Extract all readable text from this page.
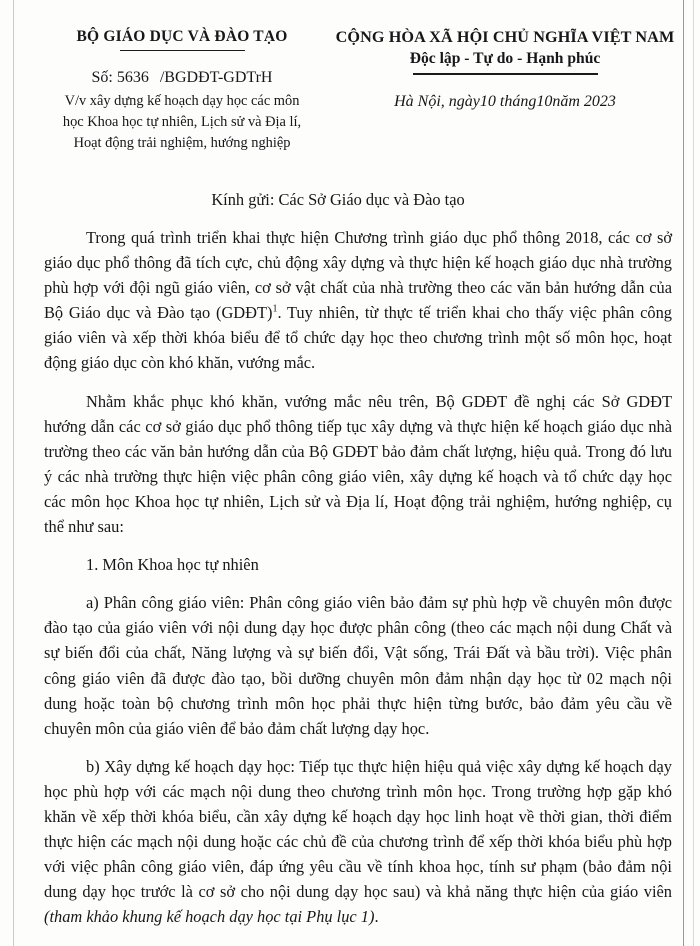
BỘ GIÁO DỤC VÀ ĐÀO TẠO
Số: 5636 /BGDĐT-GDTrH
V/v xây dựng kế hoạch dạy học các môn
học Khoa học tự nhiên, Lịch sử và Địa lí,
Hoạt động trải nghiệm, hướng nghiệp
CỘNG HÒA XÃ HỘI CHỦ NGHĨA VIỆT NAM
Độc lập - Tự do - Hạnh phúc
Hà Nội, ngày10 tháng10năm 2023
Kính gửi: Các Sở Giáo dục và Đào tạo

Trong quá trình triển khai thực hiện Chương trình giáo dục phổ thông 2018, các cơ sở giáo dục phổ thông đã tích cực, chủ động xây dựng và thực hiện kế hoạch giáo dục nhà trường phù hợp với đội ngũ giáo viên, cơ sở vật chất của nhà trường theo các văn bản hướng dẫn của Bộ Giáo dục và Đào tạo (GDĐT)$^1$. Tuy nhiên, từ thực tế triển khai cho thấy việc phân công giáo viên và xếp thời khóa biểu để tổ chức dạy học theo chương trình một số môn học, hoạt động giáo dục còn khó khăn, vướng mắc.

Nhằm khắc phục khó khăn, vướng mắc nêu trên, Bộ GDĐT đề nghị các Sở GDĐT hướng dẫn các cơ sở giáo dục phổ thông tiếp tục xây dựng và thực hiện kế hoạch giáo dục nhà trường theo các văn bản hướng dẫn của Bộ GDĐT bảo đảm chất lượng, hiệu quả. Trong đó lưu ý các nhà trường thực hiện việc phân công giáo viên, xây dựng kế hoạch và tổ chức dạy học các môn học Khoa học tự nhiên, Lịch sử và Địa lí, Hoạt động trải nghiệm, hướng nghiệp, cụ thể như sau:

1. Môn Khoa học tự nhiên

a) Phân công giáo viên: Phân công giáo viên bảo đảm sự phù hợp về chuyên môn được đào tạo của giáo viên với nội dung dạy học được phân công (theo các mạch nội dung Chất và sự biến đổi của chất, Năng lượng và sự biến đổi, Vật sống, Trái Đất và bầu trời). Việc phân công giáo viên đã được đào tạo, bồi dưỡng chuyên môn đảm nhận dạy học từ 02 mạch nội dung hoặc toàn bộ chương trình môn học phải thực hiện từng bước, bảo đảm yêu cầu về chuyên môn của giáo viên để bảo đảm chất lượng dạy học.

b) Xây dựng kế hoạch dạy học: Tiếp tục thực hiện hiệu quả việc xây dựng kế hoạch dạy học phù hợp với các mạch nội dung theo chương trình môn học. Trong trường hợp gặp khó khăn về xếp thời khóa biểu, cần xây dựng kế hoạch dạy học linh hoạt về thời gian, thời điểm thực hiện các mạch nội dung hoặc các chủ đề của chương trình để xếp thời khóa biểu phù hợp với việc phân công giáo viên, đáp ứng yêu cầu về tính khoa học, tính sư phạm (bảo đảm nội dung dạy học trước là cơ sở cho nội dung dạy học sau) và khả năng thực hiện của giáo viên (tham khảo khung kế hoạch dạy học tại Phụ lục 1).
